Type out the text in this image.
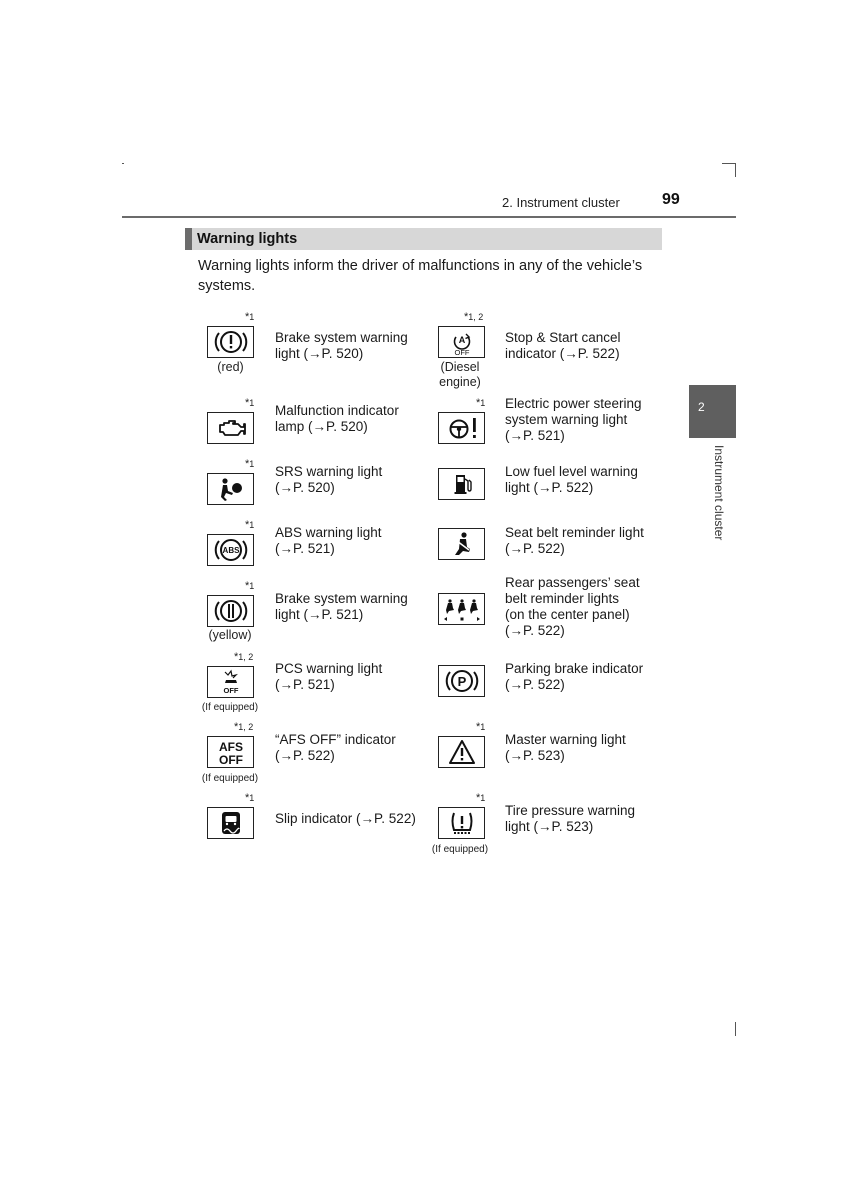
2. Instrument cluster	99
2
Instrument cluster
Warning lights
Warning lights inform the driver of malfunctions in any of the vehicle’s systems.
*1
(red)
Brake system warning
light (→P. 520)
*1 Malfunction indicator
lamp (→P. 520)
*1 SRS warning light
(→P. 520)
*1
ABS
ABS warning light
(→P. 521)
*1
(yellow)
Brake system warning
light (→P. 521)
*1, 2
OFF
(If equipped)
PCS warning light
(→P. 521)
*1, 2
AFS
OFF
(If equipped)
“AFS OFF” indicator
(→P. 522)
*1
Slip indicator (→P. 522)
*1, 2
A
OFF
(Diesel
engine)
Stop & Start cancel
indicator (→P. 522)
*1 Electric power steering
system warning light
(→P. 521)
Low fuel level warning
light (→P. 522)
Seat belt reminder light
(→P. 522)
Rear passengers’ seat
belt reminder lights
(on the center panel)
(→P. 522)
P
Parking brake indicator
(→P. 522)
*1
Master warning light
(→P. 523)
*1
(If equipped)
Tire pressure warning
light (→P. 523)
